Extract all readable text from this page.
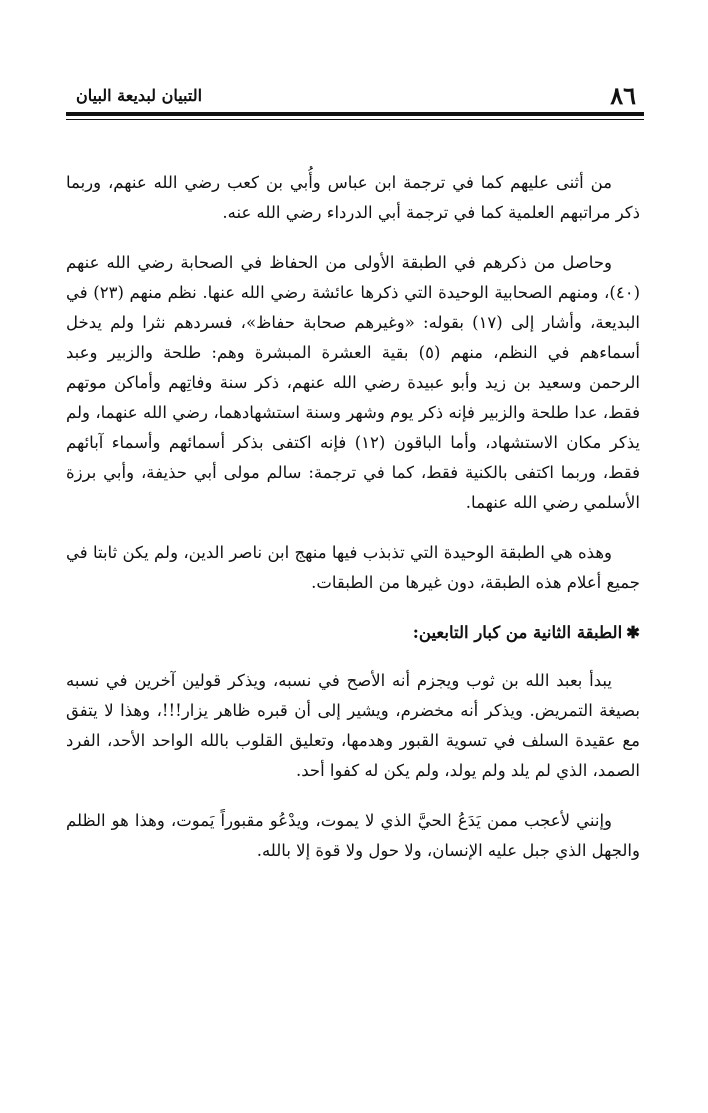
٨٦
التبيان لبديعة البيان

من أثنى عليهم كما في ترجمة ابن عباس وأُبي بن كعب رضي الله عنهم، وربما ذكر مراتبهم العلمية كما في ترجمة أبي الدرداء رضي الله عنه.

وحاصل من ذكرهم في الطبقة الأولى من الحفاظ في الصحابة رضي الله عنهم (٤٠)، ومنهم الصحابية الوحيدة التي ذكرها عائشة رضي الله عنها. نظم منهم (٢٣) في البديعة، وأشار إلى (١٧) بقوله: «وغيرهم صحابة حفاظ»، فسردهم نثرا ولم يدخل أسماءهم في النظم، منهم (٥) بقية العشرة المبشرة وهم: طلحة والزبير وعبد الرحمن وسعيد بن زيد وأبو عبيدة رضي الله عنهم، ذكر سنة وفاتِهم وأماكن موتهم فقط، عدا طلحة والزبير فإنه ذكر يوم وشهر وسنة استشهادهما، رضي الله عنهما، ولم يذكر مكان الاستشهاد، وأما الباقون (١٢) فإنه اكتفى بذكر أسمائهم وأسماء آبائهم فقط، وربما اكتفى بالكنية فقط، كما في ترجمة: سالم مولى أبي حذيفة، وأبي برزة الأسلمي رضي الله عنهما.

وهذه هي الطبقة الوحيدة التي تذبذب فيها منهج ابن ناصر الدين، ولم يكن ثابتا في جميع أعلام هذه الطبقة، دون غيرها من الطبقات.

✱الطبقة الثانية من كبار التابعين:

يبدأ بعبد الله بن ثوب ويجزم أنه الأصح في نسبه، ويذكر قولين آخرين في نسبه بصيغة التمريض. ويذكر أنه مخضرم، ويشير إلى أن قبره ظاهر يزار!!!، وهذا لا يتفق مع عقيدة السلف في تسوية القبور وهدمها، وتعليق القلوب بالله الواحد الأحد، الفرد الصمد، الذي لم يلد ولم يولد، ولم يكن له كفوا أحد.

وإنني لأعجب ممن يَدَعُ الحيَّ الذي لا يموت، ويدْعُو مقبوراً يَموت، وهذا هو الظلم والجهل الذي جبل عليه الإنسان، ولا حول ولا قوة إلا بالله.
